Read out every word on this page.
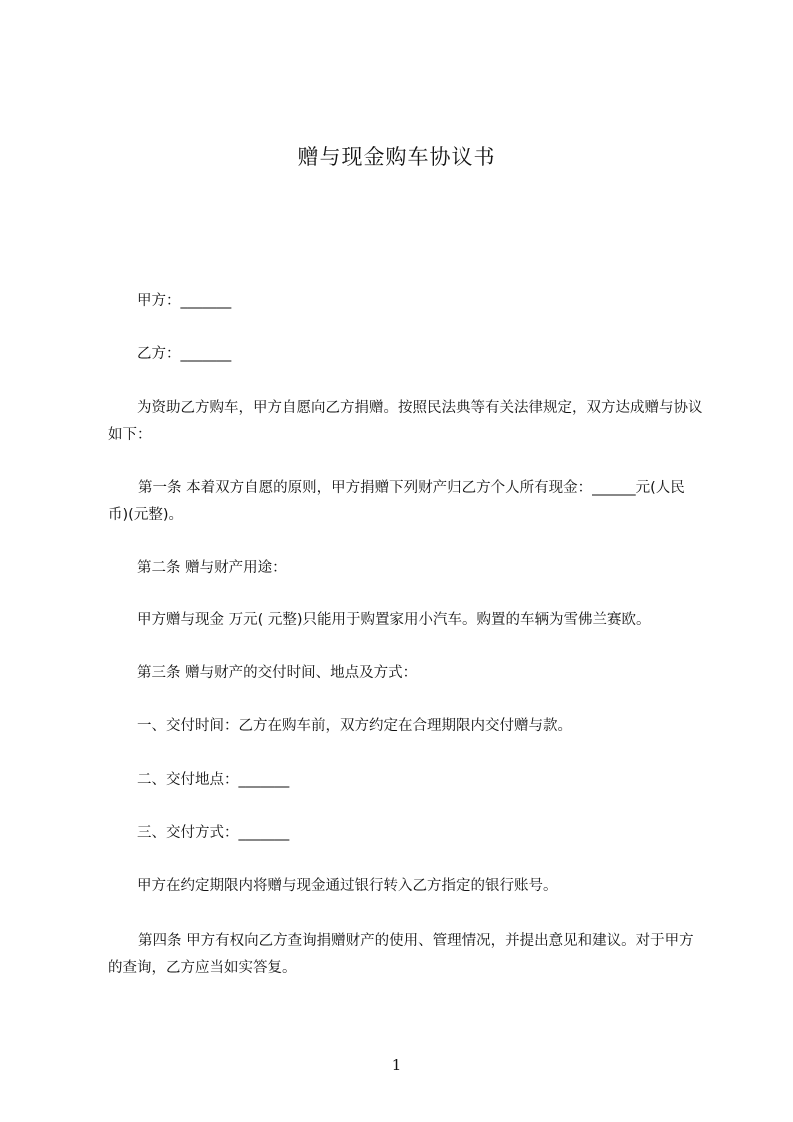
赠与现金购车协议书
甲方：_______
乙方：_______
为资助乙方购车，甲方自愿向乙方捐赠。按照民法典等有关法律规定，双方达成赠与协议如下：
第一条 本着双方自愿的原则，甲方捐赠下列财产归乙方个人所有现金：______元(人民币)(元整)。
第二条 赠与财产用途：
甲方赠与现金 万元( 元整)只能用于购置家用小汽车。购置的车辆为雪佛兰赛欧。
第三条 赠与财产的交付时间、地点及方式：
一、交付时间：乙方在购车前，双方约定在合理期限内交付赠与款。
二、交付地点：_______
三、交付方式：_______
甲方在约定期限内将赠与现金通过银行转入乙方指定的银行账号。
第四条 甲方有权向乙方查询捐赠财产的使用、管理情况，并提出意见和建议。对于甲方的查询，乙方应当如实答复。
1
